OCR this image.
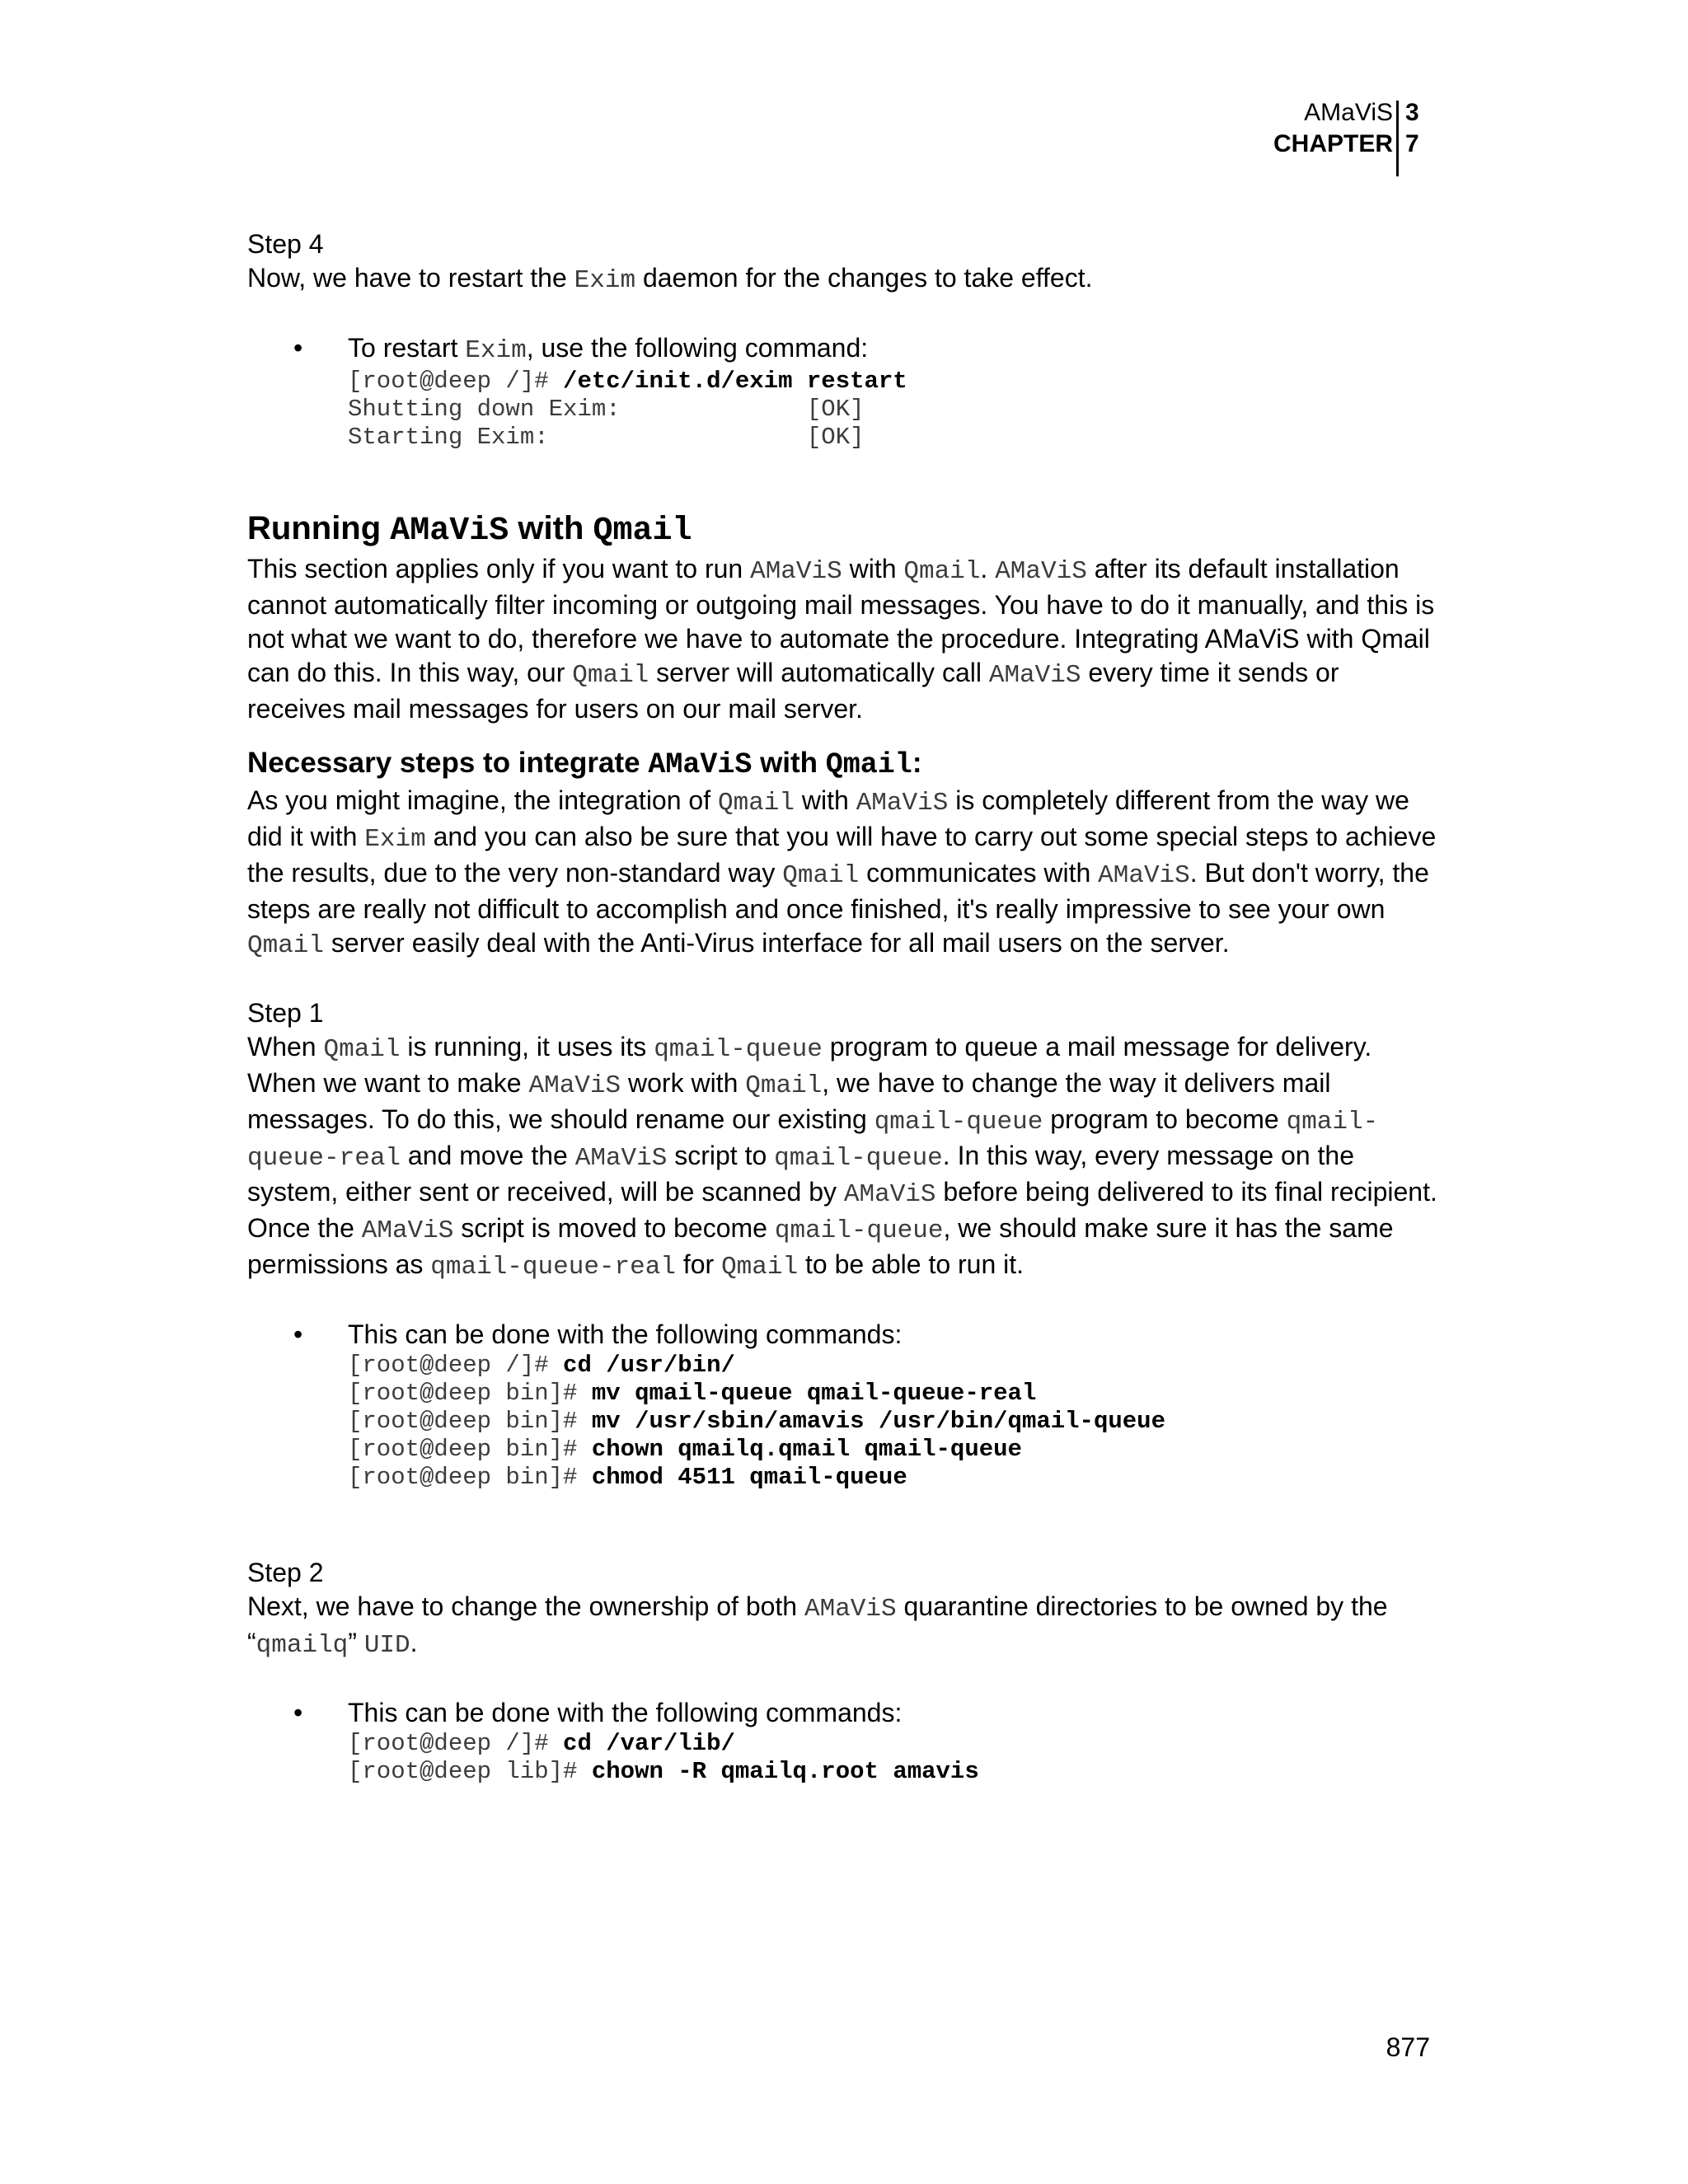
AMaViS
CHAPTER
3
7

Step 4

Now, we have to restart the Exim daemon for the changes to take effect.

• To restart Exim, use the following command:

[root@deep /]# /etc/init.d/exim restart
Shutting down Exim:             [OK]
Starting Exim:                  [OK]
Running AMaViS with Qmail

This section applies only if you want to run AMaViS with Qmail. AMaViS after its default installation cannot automatically filter incoming or outgoing mail messages. You have to do it manually, and this is not what we want to do, therefore we have to automate the procedure. Integrating AMaViS with Qmail can do this. In this way, our Qmail server will automatically call AMaViS every time it sends or receives mail messages for users on our mail server.

Necessary steps to integrate AMaViS with Qmail:

As you might imagine, the integration of Qmail with AMaViS is completely different from the way we did it with Exim and you can also be sure that you will have to carry out some special steps to achieve the results, due to the very non-standard way Qmail communicates with AMaViS. But don't worry, the steps are really not difficult to accomplish and once finished, it's really impressive to see your own Qmail server easily deal with the Anti-Virus interface for all mail users on the server.

Step 1

When Qmail is running, it uses its qmail-queue program to queue a mail message for delivery. When we want to make AMaViS work with Qmail, we have to change the way it delivers mail messages. To do this, we should rename our existing qmail-queue program to become qmail-queue-real and move the AMaViS script to qmail-queue. In this way, every message on the system, either sent or received, will be scanned by AMaViS before being delivered to its final recipient. Once the AMaViS script is moved to become qmail-queue, we should make sure it has the same permissions as qmail-queue-real for Qmail to be able to run it.

• This can be done with the following commands:

[root@deep /]# cd /usr/bin/
[root@deep bin]# mv qmail-queue qmail-queue-real
[root@deep bin]# mv /usr/sbin/amavis /usr/bin/qmail-queue
[root@deep bin]# chown qmailq.qmail qmail-queue
[root@deep bin]# chmod 4511 qmail-queue

Step 2

Next, we have to change the ownership of both AMaViS quarantine directories to be owned by the “qmailq” UID.

• This can be done with the following commands:

[root@deep /]# cd /var/lib/
[root@deep lib]# chown -R qmailq.root amavis
877
